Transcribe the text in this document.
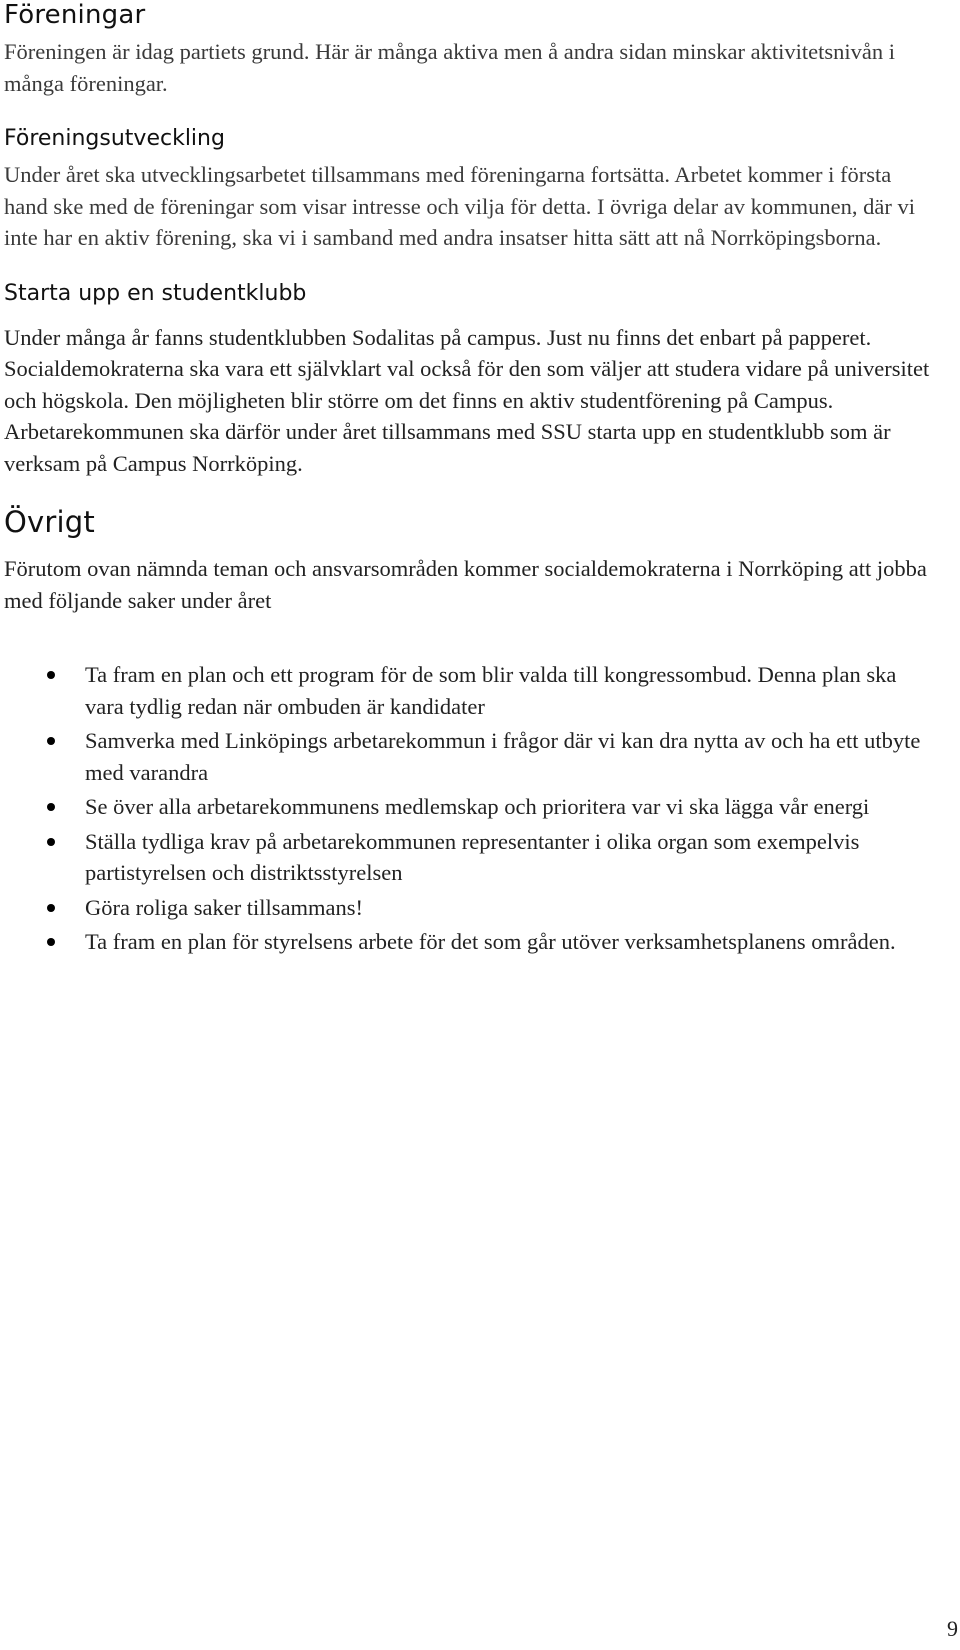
Föreningar

Föreningen är idag partiets grund. Här är många aktiva men å andra sidan minskar aktivitetsnivån i många föreningar.

Föreningsutveckling

Under året ska utvecklingsarbetet tillsammans med föreningarna fortsätta. Arbetet kommer i första hand ske med de föreningar som visar intresse och vilja för detta. I övriga delar av kommunen, där vi inte har en aktiv förening, ska vi i samband med andra insatser hitta sätt att nå Norrköpingsborna.

Starta upp en studentklubb

Under många år fanns studentklubben Sodalitas på campus. Just nu finns det enbart på papperet. Socialdemokraterna ska vara ett självklart val också för den som väljer att studera vidare på universitet och högskola. Den möjligheten blir större om det finns en aktiv studentförening på Campus. Arbetarekommunen ska därför under året tillsammans med SSU starta upp en studentklubb som är verksam på Campus Norrköping.

Övrigt

Förutom ovan nämnda teman och ansvarsområden kommer socialdemokraterna i Norrköping att jobba med följande saker under året

Ta fram en plan och ett program för de som blir valda till kongressombud. Denna plan ska vara tydlig redan när ombuden är kandidater
Samverka med Linköpings arbetarekommun i frågor där vi kan dra nytta av och ha ett utbyte med varandra
Se över alla arbetarekommunens medlemskap och prioritera var vi ska lägga vår energi
Ställa tydliga krav på arbetarekommunen representanter i olika organ som exempelvis partistyrelsen och distriktsstyrelsen
Göra roliga saker tillsammans!
Ta fram en plan för styrelsens arbete för det som går utöver verksamhetsplanens områden.
9
